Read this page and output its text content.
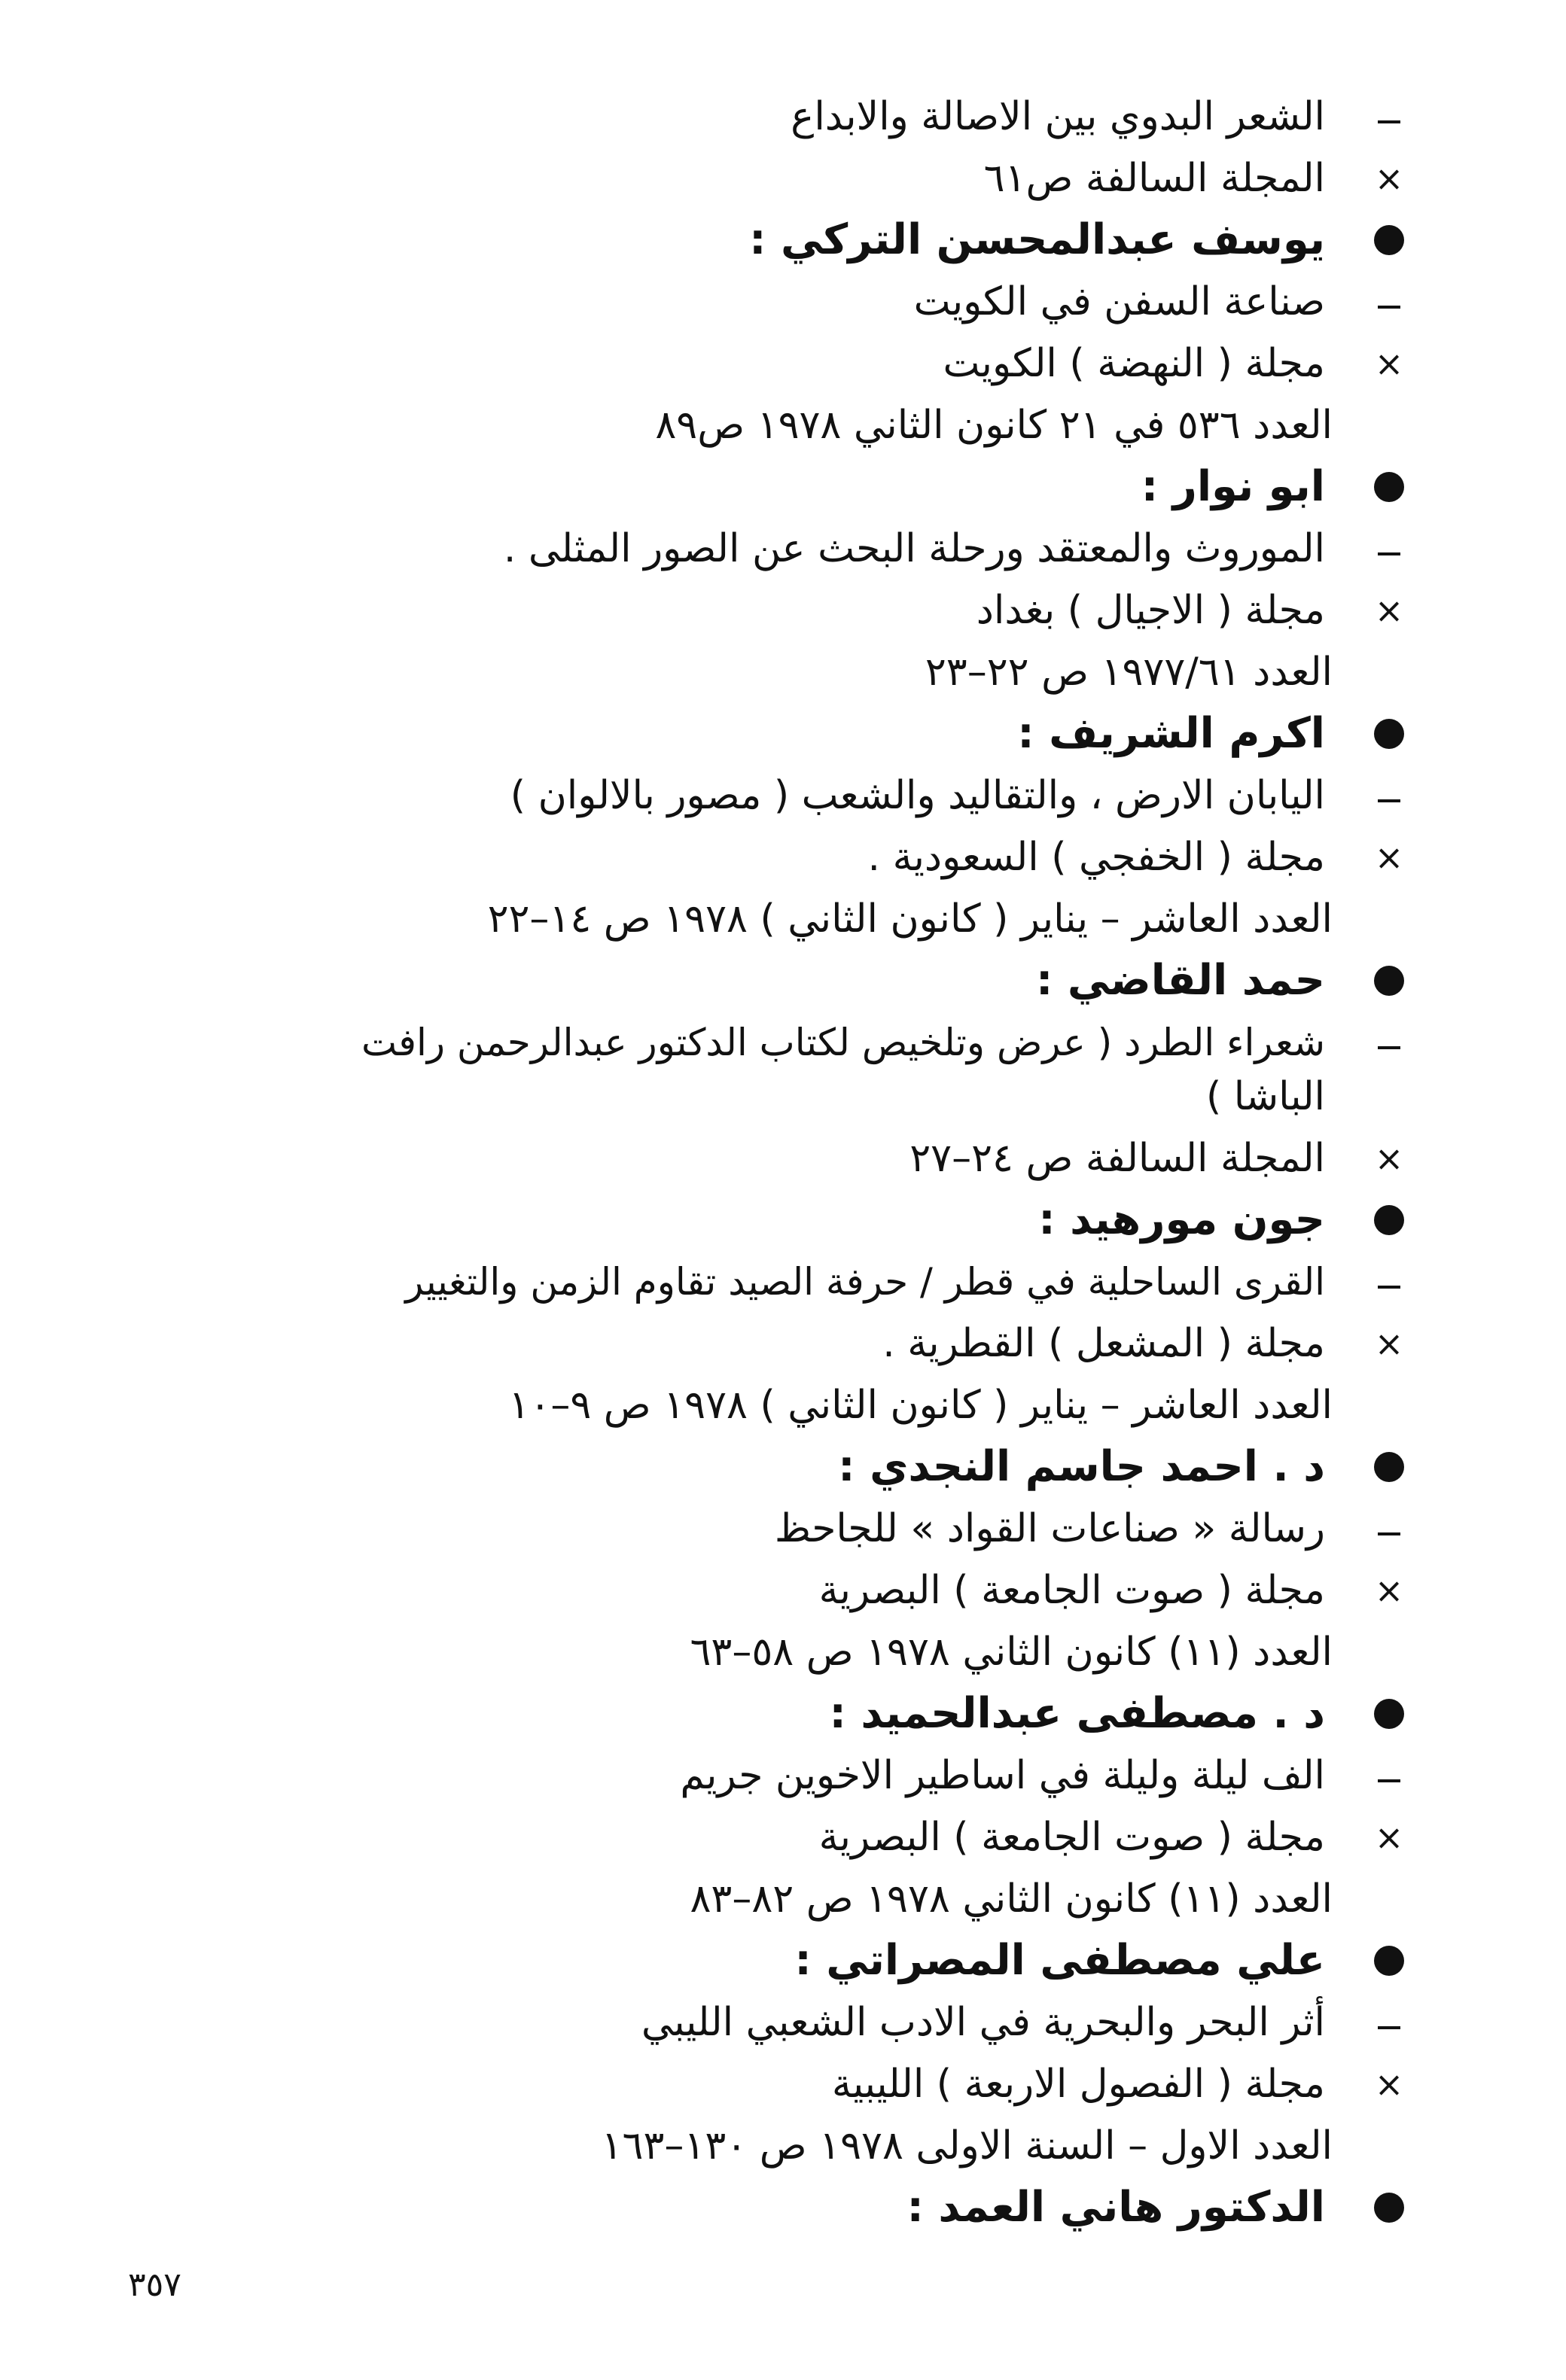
الشعر البدوي بين الاصالة والابداع
×
المجلة السالفة ص٦١
يوسف عبدالمحسن التركي :
صناعة السفن في الكويت
×
مجلة ( النهضة ) الكويت
العدد ٥٣٦ في ٢١ كانون الثاني ١٩٧٨ ص٨٩
ابو نوار :
الموروث والمعتقد ورحلة البحث عن الصور المثلى .
×
مجلة ( الاجيال ) بغداد
العدد ١٩٧٧/٦١ ص ٢٢–٢٣
اكرم الشريف :
اليابان الارض ، والتقاليد والشعب ( مصور بالالوان )
×
مجلة ( الخفجي ) السعودية .
العدد العاشر – يناير ( كانون الثاني ) ١٩٧٨ ص ١٤–٢٢
حمد القاضي :
شعراء الطرد ( عرض وتلخيص لكتاب الدكتور عبدالرحمن رافت
الباشا )
×
المجلة السالفة ص ٢٤–٢٧
جون مورهيد :
القرى الساحلية في قطر / حرفة الصيد تقاوم الزمن والتغيير
×
مجلة ( المشعل ) القطرية .
العدد العاشر – يناير ( كانون الثاني ) ١٩٧٨ ص ٩–١٠
د . احمد جاسم النجدي :
رسالة « صناعات القواد » للجاحظ
×
مجلة ( صوت الجامعة ) البصرية
العدد (١١) كانون الثاني ١٩٧٨ ص ٥٨–٦٣
د . مصطفى عبدالحميد :
الف ليلة وليلة في اساطير الاخوين جريم
×
مجلة ( صوت الجامعة ) البصرية
العدد (١١) كانون الثاني ١٩٧٨ ص ٨٢–٨٣
علي مصطفى المصراتي :
أثر البحر والبحرية في الادب الشعبي الليبي
×
مجلة ( الفصول الاربعة ) الليبية
العدد الاول – السنة الاولى ١٩٧٨ ص ١٣٠–١٦٣
الدكتور هاني العمد :
٣٥٧
